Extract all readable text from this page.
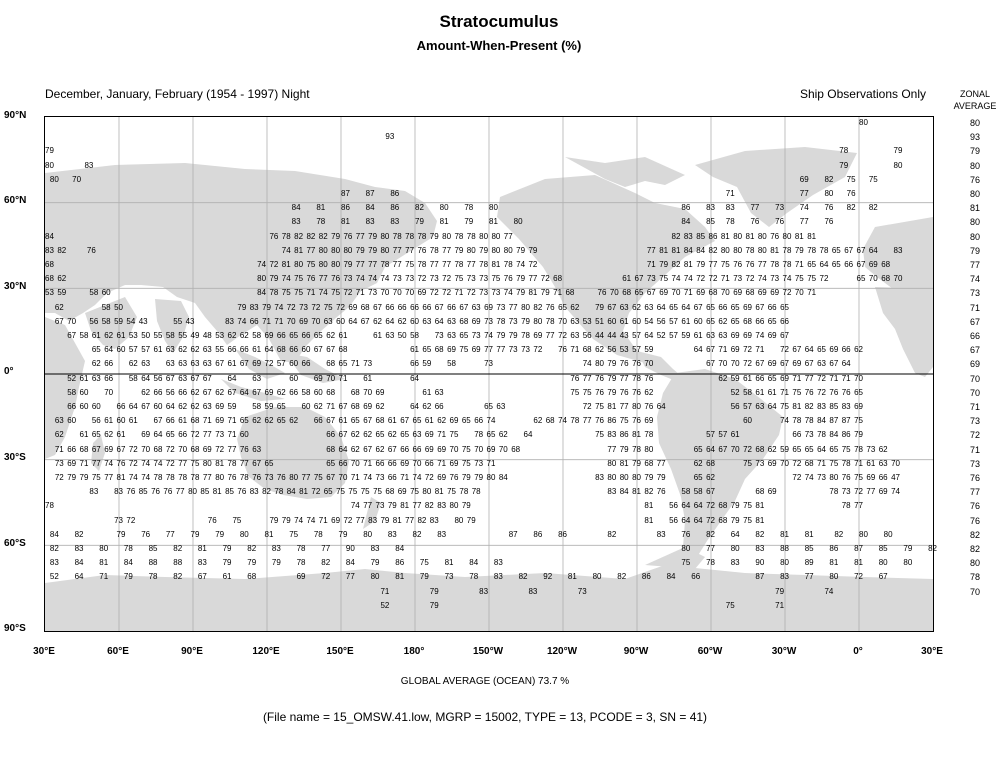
Stratocumulus
Amount-When-Present (%)
December, January, February (1954 - 1997) Night	Ship Observations Only	ZONAL
AVERAGE
90°N
60°N
30°N
0°
30°S
60°S
90°S
30°E	60°E	90°E	120°E	150°E	180°	150°W	120°W	90°W	60°W	30°W	0°	30°E
80
93
79
80
76
80
81
80
80
79
77
74
73
71
67
66
67
69
70
70
71
73
72
71
73
76
77
76
76
82
82
80
78
70
80
93
79	78	79
80	83	79	80
80 70	69 82 75 75
87 87 86	71	77 80 76
84 81 86 84 86 82 80 78 80	86 83 83 77 73 74 76 82 82
83 78 81 83 83 79 81 79 81 80	84 85 78 76 76 77 76
84	76 78 82 82 82 79 76 77 79 80 78 78 78 79 80 78 78 80 80 77	82 83 85 86 81 80 81 80 76 80 81 81
83 82	76	74 81 77 80 80 80 79 79 80 77 77 76 78 77 79 80 79 80 80 79 79	77 81 81 84 84 82 80 80 78 80 81 78 79 78 78 65 67 67 64 83
68	74 72 81 80 75 80 80 79 77 77 78 77 75 78 77 77 78 77 78 81 78 74 72	71 79 82 81 79 77 75 76 76 77 78 78 71 65 64 65 66 67 69 68
68 62	80 79 74 75 76 77 76 73 74 74 74 73 73 72 73 72 75 73 73 75 76 79 77 72 68	61 67 73 75 74 74 72 72 71 73 72 74 73 74 75 75 72	65 70 68 70
53 59	58 60	84 78 75 75 71 74 75 72 71 73 70 70 70 69 72 72 71 72 73 73 74 79 81 79 71 68	76 70 68 65 67 69 70 71 69 68 70 69 68 69 69 72 70 71
62	58 50	79 83 79 74 72 73 72 75 72 69 68 67 66 66 66 66 67 66 67 63 69 73 77 80 82 76 65 62 79 67 63 62 63 64 65 64 67 65 66 65 69 67 66 65
67 70 56 58 59 54 43	55 43	83 74 66 71 71 70 69 70 63 60 64 67 62 64 62 60 63 64 63 68 69 73 78 73 79 80 78 70 63 53 51 60 61 60 54 56 57 61 60 65 62 65 68 66 65 66
67 58 61 62 61 53 50 55 58 55 49 48 53 62 62 58 69 66 65 66 65 62 61	61 63 50 58 73 63 65 73 74 79 79 78 69 77 72 63 56 44 44 43 57 64 52 57 59 61 63 63 69 69 74 69 67
65 64 60 57 57 61 63 62 62 63 55 66 66 61 64 68 66 60 67 67 68	61 65 68 69 75 69 77 77 73 73 72 76 71 68 62 56 53 57 59	64 67 71 69 72 71 72 67 64 65 69 66 62
62 66 62 63 63 63 63 63 67 61 67 69 72 57 60 66 68 65 71 73	66 59 58	73	74 80 79 76 76 70	67 70 70 72 67 69 67 69 67 63 67 64
52 61 63 66 58 64 56 67 63 67 67 64 63	60 69 70 71 61	64	76 77 76 79 77 78 76	62 59 61 66 65 69 71 77 72 71 71 70
58 60 70	62 66 56 66 62 67 62 67 64 67 69 62 66 58 60 68 68 70 69	61 63	75 75 76 79 76 76 62	52 58 61 61 71 75 76 72 76 76 65
66 60 60 66 64 67 60 64 62 62 63 69 59 58 59 65 60 62 71 67 68 69 62	64 62 66	65 63	72 75 81 77 80 76 64	56 57 63 64 75 81 82 83 85 83 69
63 60 56 61 60 61 67 66 61 68 71 69 71 65 62 62 65 62 66 67 61 65 67 68 61 67 65 61 62 69 65 66 74	62 68 74 78 77 76 86 75 76 69	60	74 78 78 84 87 87 75
62 61 65 62 61 69 64 65 66 72 77 73 71 60	66 67 62 62 65 62 65 63 69 71 75 78 65 62 64	75 83 86 81 78	57 57 61	66 73 78 84 86 79
71 66 68 67 69 67 72 70 68 72 70 68 69 72 77 76 63	68 64 62 67 62 67 66 66 69 69 70 75 70 69 70 68	77 79 78 80	65 64 67 70 72 68 62 59 65 65 64 65 75 78 73 62
73 69 71 77 74 76 72 74 74 72 77 75 80 81 78 77 67 65	65 66 70 71 66 66 69 70 66 71 69 75 73 71	80 81 79 68 77	62 68	75 73 69 70 72 68 71 75 78 71 61 63 70
72 79 79 75 77 81 74 74 78 78 78 78 77 80 76 78 76 73 76 80 77 75 67 70 71 74 73 66 71 74 72 69 76 79 79 80 84	83 80 80 80 79 79	65 62	72 74 73 80 76 75 69 66 47
83 83 76 85 76 76 77 80 85 81 85 76 83 82 78 84 81 72 65 75 75 75 75 68 69 75 80 81 75 78 78	83 84 81 82 76 58 58 67	68 69	78 73 72 77 69 74
78	74 77 73 79 81 77 82 83 80 79	81 56 64 64 72 68 79 75 81	78 77
73 72	76 75	79 79 74 74 71 69 72 77 83 79 81 77 82 83 80 79	81 56 64 64 72 68 79 75 81
84 82	79 76 77 79 79 80 81 75 78 79 80 83 82 83	87 86 86	82	83 76 82 64 82 81 81	82 80 80
82 83 80 78 85 82 81 79 82 83 78 77 90 83 84	80 77 80 83 88 85 86 87 85 79 82
83 84 81 84 88 88 83 79 79 79 78 82 84 79 86 75 81 84 83	75 78 83 90 80 89 81 81 80 80
52 64 71 79 78 82 67 61 68	69 72 77 80 81 79 73 78 83 82 92 81 80 82 86 84 66	87 83 77 80 72 67
71	79	83	83	73	79	74
52	79	75	71
GLOBAL AVERAGE (OCEAN) 73.7 %
(File name = 15_OMSW.41.low, MGRP = 15002, TYPE = 13, PCODE = 3, SN = 41)
